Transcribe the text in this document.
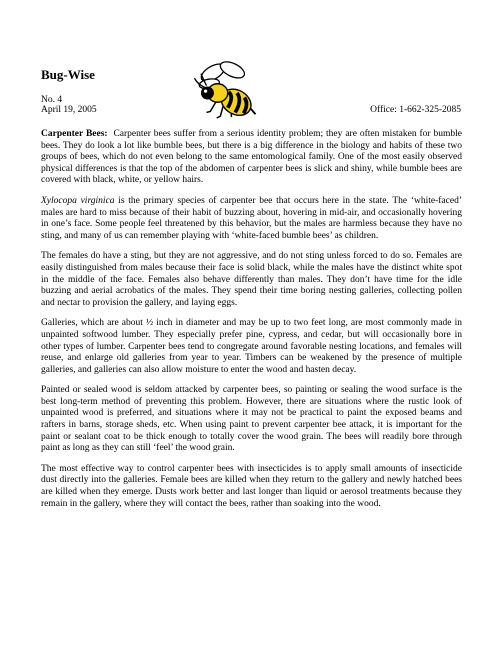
Bug-Wise
No. 4
April 19, 2005	Office: 1-662-325-2085

Carpenter Bees: Carpenter bees suffer from a serious identity problem; they are often mistaken for bumble bees. They do look a lot like bumble bees, but there is a big difference in the biology and habits of these two groups of bees, which do not even belong to the same entomological family. One of the most easily observed physical differences is that the top of the abdomen of carpenter bees is slick and shiny, while bumble bees are covered with black, white, or yellow hairs.

Xylocopa virginica is the primary species of carpenter bee that occurs here in the state. The ‘white-faced’ males are hard to miss because of their habit of buzzing about, hovering in mid-air, and occasionally hovering in one’s face. Some people feel threatened by this behavior, but the males are harmless because they have no sting, and many of us can remember playing with ‘white-faced bumble bees’ as children.

The females do have a sting, but they are not aggressive, and do not sting unless forced to do so. Females are easily distinguished from males because their face is solid black, while the males have the distinct white spot in the middle of the face. Females also behave differently than males. They don’t have time for the idle buzzing and aerial acrobatics of the males. They spend their time boring nesting galleries, collecting pollen and nectar to provision the gallery, and laying eggs.

Galleries, which are about ½ inch in diameter and may be up to two feet long, are most commonly made in unpainted softwood lumber. They especially prefer pine, cypress, and cedar, but will occasionally bore in other types of lumber. Carpenter bees tend to congregate around favorable nesting locations, and females will reuse, and enlarge old galleries from year to year. Timbers can be weakened by the presence of multiple galleries, and galleries can also allow moisture to enter the wood and hasten decay.

Painted or sealed wood is seldom attacked by carpenter bees, so painting or sealing the wood surface is the best long-term method of preventing this problem. However, there are situations where the rustic look of unpainted wood is preferred, and situations where it may not be practical to paint the exposed beams and rafters in barns, storage sheds, etc. When using paint to prevent carpenter bee attack, it is important for the paint or sealant coat to be thick enough to totally cover the wood grain. The bees will readily bore through paint as long as they can still ‘feel’ the wood grain.

The most effective way to control carpenter bees with insecticides is to apply small amounts of insecticide dust directly into the galleries. Female bees are killed when they return to the gallery and newly hatched bees are killed when they emerge. Dusts work better and last longer than liquid or aerosol treatments because they remain in the gallery, where they will contact the bees, rather than soaking into the wood.
